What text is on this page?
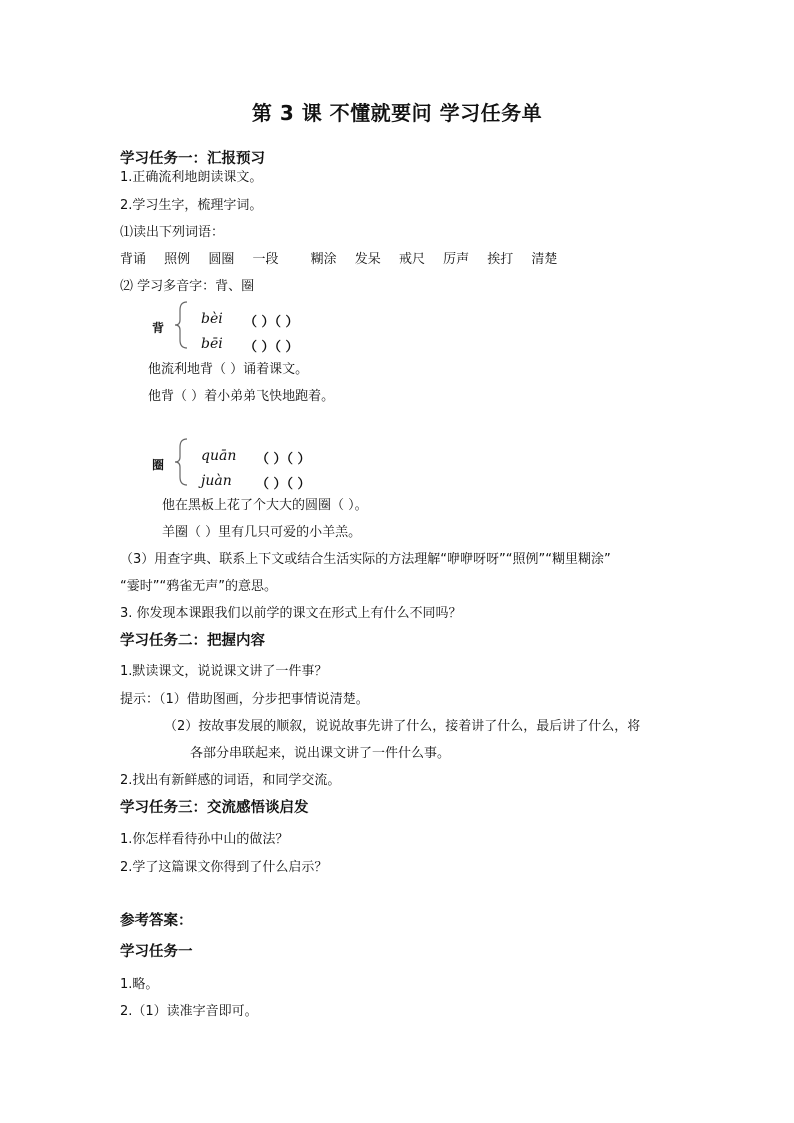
第 3 课 不懂就要问 学习任务单
学习任务一：汇报预习
1.正确流利地朗读课文。
2.学习生字，梳理字词。
⑴读出下列词语：
背诵 照例 圆圈 一段 糊涂 发呆 戒尺 厉声 挨打 清楚
⑵ 学习多音字：背、圈
背
bèi （ ）（ ）
bēi （ ）（ ）
他流利地背（ ）诵着课文。
他背（ ）着小弟弟飞快地跑着。
圈
quān （ ）（ ）
juàn （ ）（ ）
他在黑板上花了个大大的圆圈（ ）。
羊圈（ ）里有几只可爱的小羊羔。
（3）用查字典、联系上下文或结合生活实际的方法理解“咿咿呀呀”“照例”“糊里糊涂”
“霎时”“鸦雀无声”的意思。
3. 你发现本课跟我们以前学的课文在形式上有什么不同吗？
学习任务二：把握内容
1.默读课文，说说课文讲了一件事？
提示：（1）借助图画，分步把事情说清楚。
（2）按故事发展的顺叙，说说故事先讲了什么，接着讲了什么，最后讲了什么，将
各部分串联起来，说出课文讲了一件什么事。
2.找出有新鲜感的词语，和同学交流。
学习任务三：交流感悟谈启发
1.你怎样看待孙中山的做法？
2.学了这篇课文你得到了什么启示？
参考答案：
学习任务一
1.略。
2.（1）读准字音即可。
